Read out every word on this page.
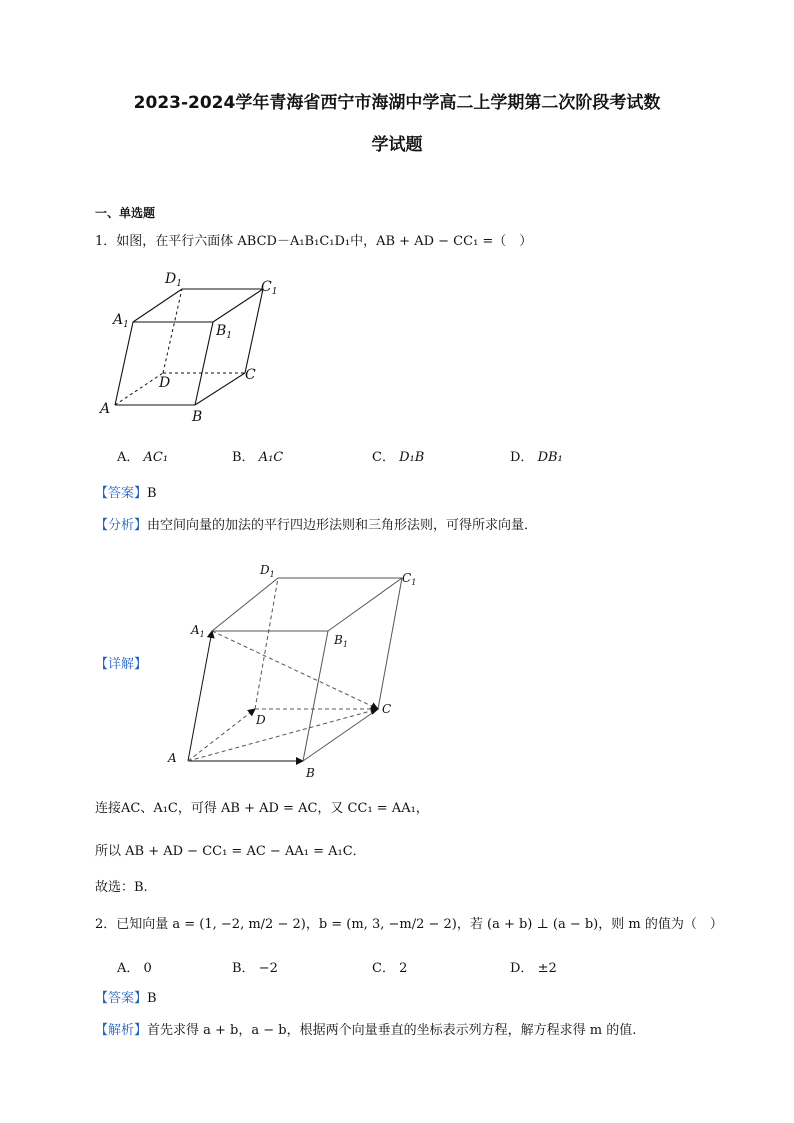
2023-2024学年青海省西宁市海湖中学高二上学期第二次阶段考试数
学试题
一、单选题
1．如图，在平行六面体 ABCD－A₁B₁C₁D₁中，AB + AD − CC₁ =（　）
A	B
C
D
$A_1$	$B_1$
$C_1$
$D_1$
A． AC₁	B． A₁C	C． D₁B	D． DB₁
【答案】B
【分析】由空间向量的加法的平行四边形法则和三角形法则，可得所求向量．
【详解】
A
B
C
D
$A_1$	$B_1$
$C_1$
$D_1$
连接AC、A₁C，可得 AB + AD = AC，又 CC₁ = AA₁，
所以 AB + AD − CC₁ = AC − AA₁ = A₁C．
故选：B.
2．已知向量 a = (1, −2, m/2 − 2)，b = (m, 3, −m/2 − 2)，若 (a + b) ⊥ (a − b)，则 m 的值为（　）
A． 0	B． −2	C． 2	D． ±2
【答案】B
【解析】首先求得 a + b，a − b，根据两个向量垂直的坐标表示列方程，解方程求得 m 的值.
